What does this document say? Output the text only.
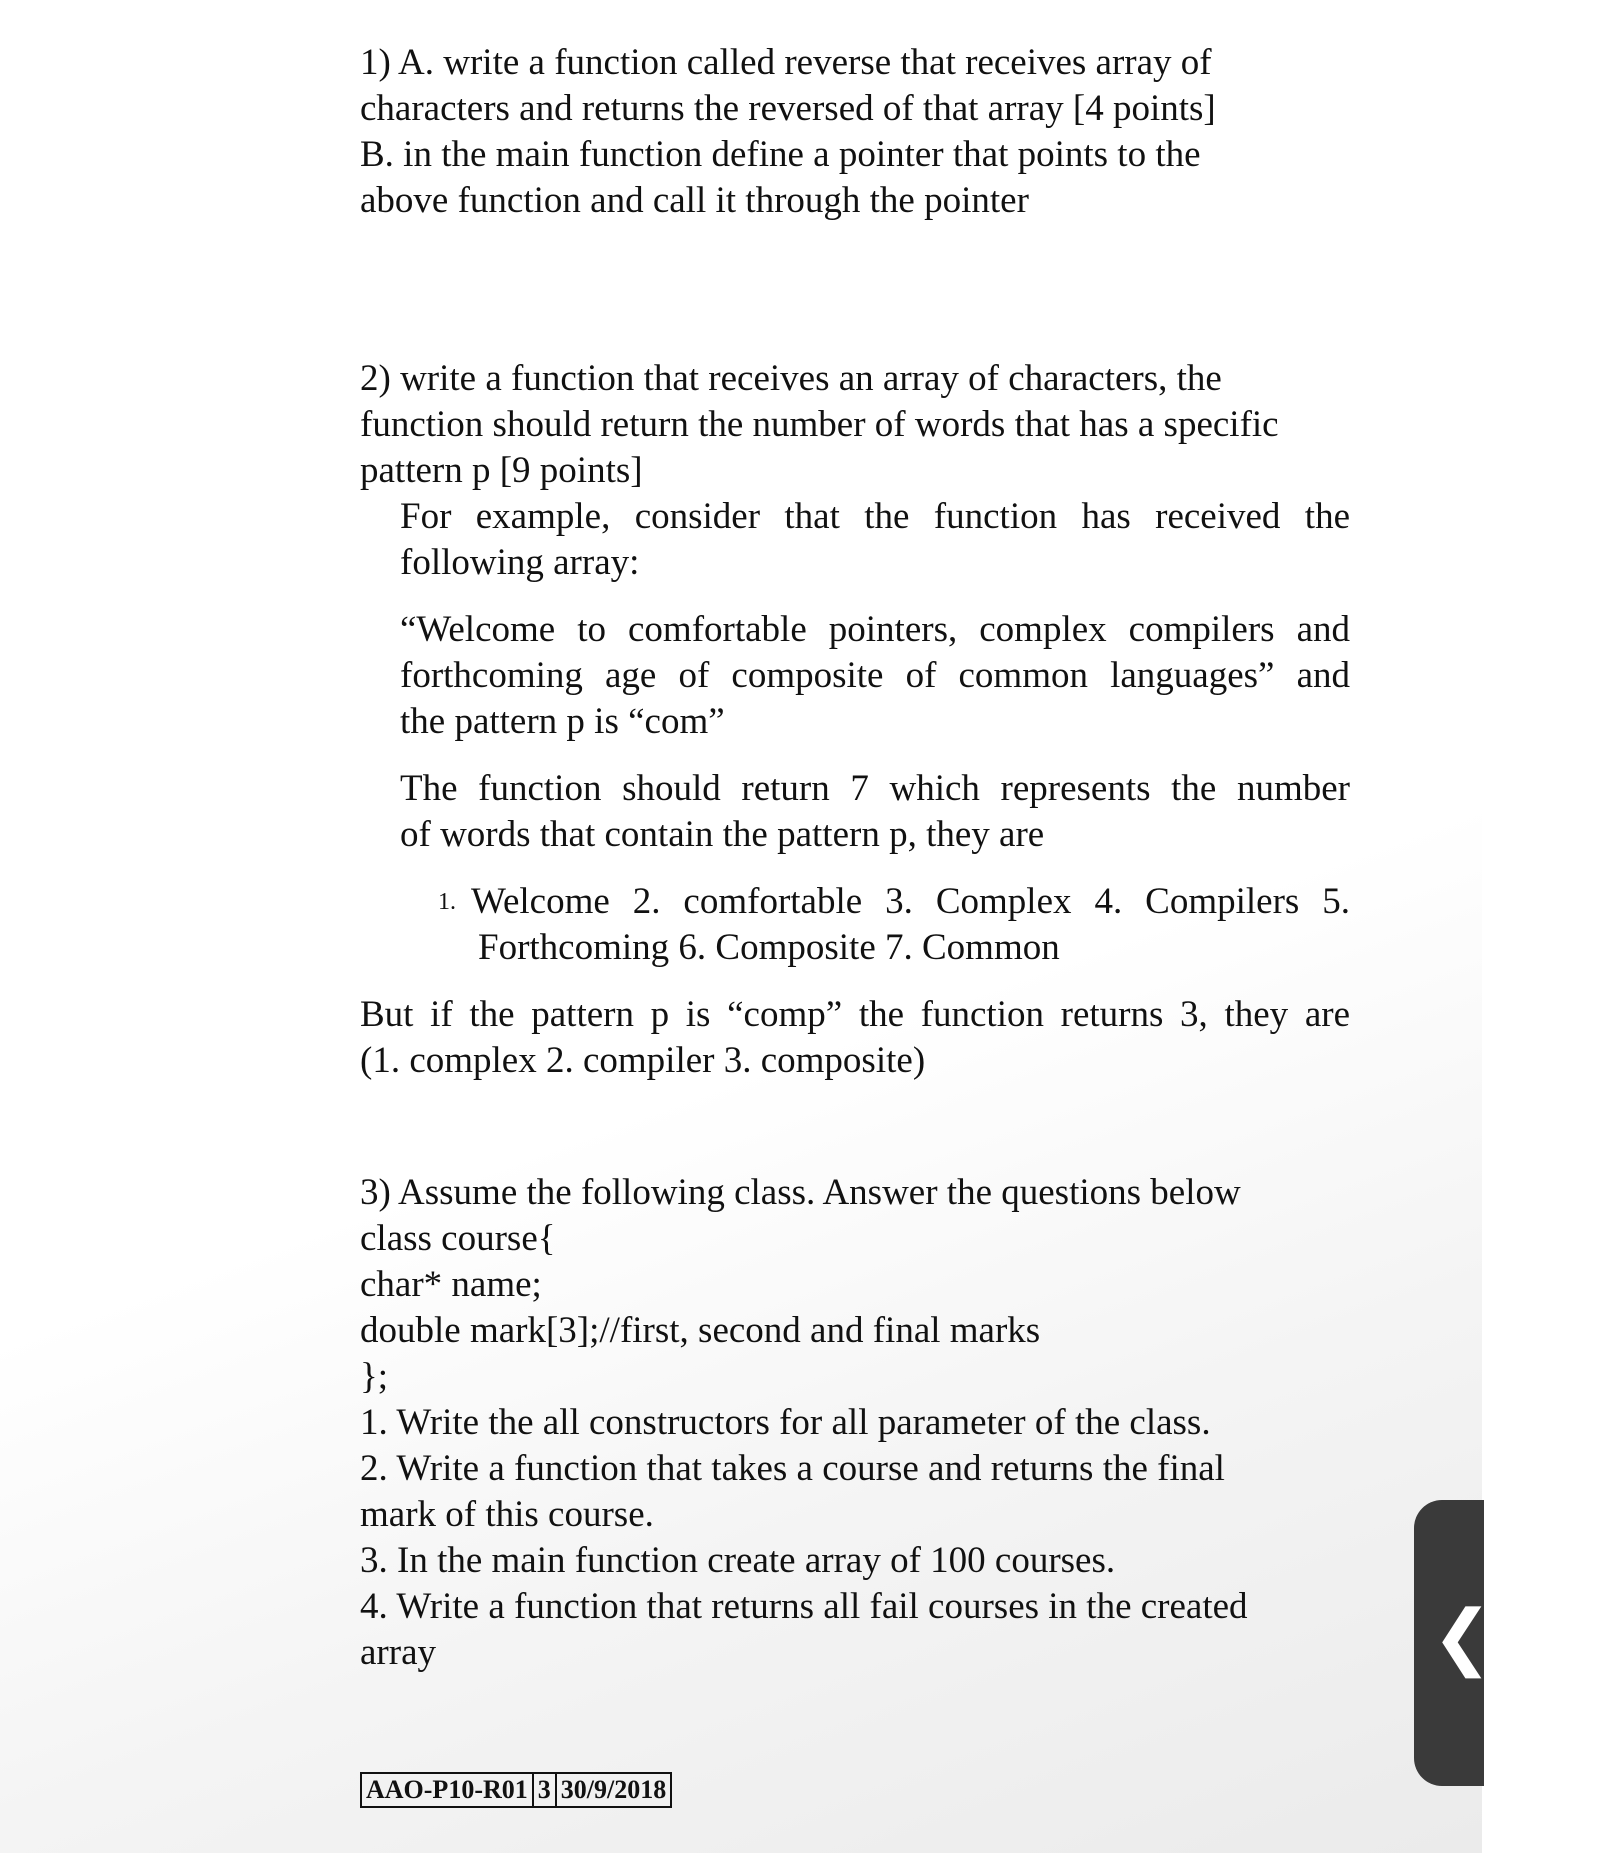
1) A. write a function called reverse that receives array of
characters and returns the reversed of that array [4 points]
B. in the main function define a pointer that points to the
above function and call it through the pointer
2) write a function that receives an array of characters, the
function should return the number of words that has a specific
pattern p [9 points]
For example, consider that the function has received the
following array:
“Welcome to comfortable pointers, complex compilers and
forthcoming age of composite of common languages” and
the pattern p is “com”
The function should return 7 which represents the number
of words that contain the pattern p, they are
1. Welcome 2. comfortable 3. Complex 4. Compilers 5.
Forthcoming 6. Composite 7. Common
But if the pattern p is “comp” the function returns 3, they are
(1. complex 2. compiler 3. composite)
3) Assume the following class. Answer the questions below
class course{
char* name;
double mark[3];//first, second and final marks
};
1. Write the all constructors for all parameter of the class.
2. Write a function that takes a course and returns the final
mark of this course.
3. In the main function create array of 100 courses.
4. Write a function that returns all fail courses in the created
array
AAO-P10-R01 3 30/9/2018
❮
